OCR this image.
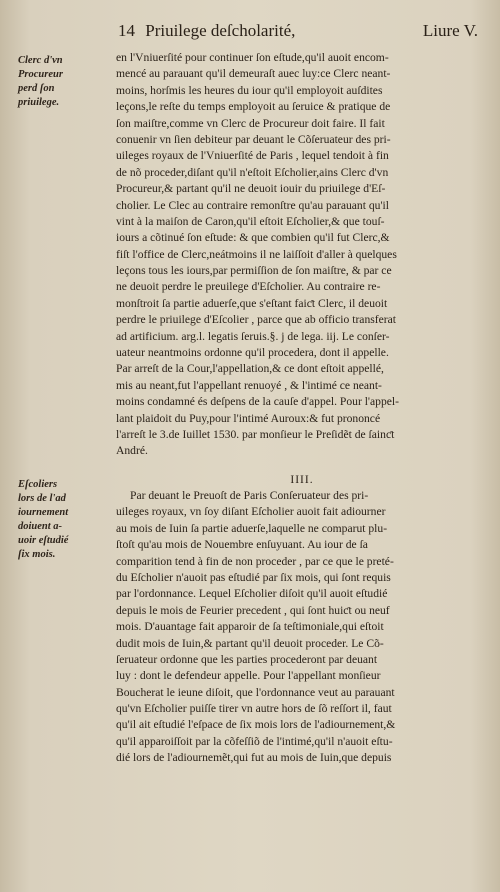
14 Priuilege deſcholarité,	Liure V.
Clerc d'vn
Procureur
perd ſon
priuilege.
en l'Vniuerſité pour continuer ſon eſtude,qu'il auoit encom-
mencé au parauant qu'il demeuraſt auec luy:ce Clerc neant-
moins, horſmis les heures du iour qu'il employoit auſdites
leçons,le reſte du temps employoit au ſeruice & pratique de
ſon maiſtre,comme vn Clerc de Procureur doit faire. Il fait
conuenir vn ſien debiteur par deuant le Cõſeruateur des pri-
uileges royaux de l'Vniuerſité de Paris , lequel tendoit à fin
de nõ proceder,diſant qu'il n'eſtoit Eſcholier,ains Clerc d'vn
Procureur,& partant qu'il ne deuoit iouir du priuilege d'Eſ-
cholier. Le Clec au contraire remonſtre qu'au parauant qu'il
vint à la maiſon de Caron,qu'il eſtoit Eſcholier,& que touſ-
iours a cõtinué ſon eſtude: & que combien qu'il fut Clerc,&
fiſt l'office de Clerc,neátmoins il ne laiſſoit d'aller à quelques
leçons tous les iours,par permiſſion de ſon maiſtre, & par ce
ne deuoit perdre le preuilege d'Eſcholier. Au contraire re-
monſtroit ſa partie aduerſe,que s'eſtant faiƈt Clerc, il deuoit
perdre le priuilege d'Eſcolier , parce que ab officio transferat
ad artificium. arg.l. legatis ſeruis.§. j de lega. iij. Le conſer-
uateur neantmoins ordonne qu'il procedera, dont il appelle.
Par arreſt de la Cour,l'appellation,& ce dont eſtoit appellé,
mis au neant,fut l'appellant renuoyé , & l'intimé ce neant-
moins condamné és deſpens de la cauſe d'appel. Pour l'appel-
lant plaidoit du Puy,pour l'intimé Auroux:& fut prononcé
l'arreſt le 3.de Iuillet 1530. par monſieur le Preſidẽt de ſainƈt
André.
IIII.
Eſcoliers
lors de l'ad
iournement
doiuent a-
uoir eſtudié
ſix mois.
Par deuant le Preuoſt de Paris Conſeruateur des pri-
uileges royaux, vn ſoy diſant Eſcholier auoit fait adiourner
au mois de Iuin ſa partie aduerſe,laquelle ne comparut plu-
ſtoſt qu'au mois de Nouembre enſuyuant. Au iour de ſa
comparition tend à fin de non proceder , par ce que le preté-
du Eſcholier n'auoit pas eſtudié par ſix mois, qui ſont requis
par l'ordonnance. Lequel Eſcholier diſoit qu'il auoit eſtudié
depuis le mois de Feurier precedent , qui ſont huiƈt ou neuf
mois. D'auantage fait apparoir de ſa teſtimoniale,qui eſtoit
dudit mois de Iuin,& partant qu'il deuoit proceder. Le Cõ-
ſeruateur ordonne que les parties procederont par deuant
luy : dont le defendeur appelle. Pour l'appellant monſieur
Boucherat le ieune diſoit, que l'ordonnance veut au parauant
qu'vn Eſcholier puiſſe tirer vn autre hors de ſõ reſſort il, faut
qu'il ait eſtudié l'eſpace de ſix mois lors de l'adiournement,&
qu'il apparoiſſoit par la cõfeſſiõ de l'intimé,qu'il n'auoit eſtu-
dié lors de l'adiournemẽt,qui fut au mois de Iuin,que depuis
